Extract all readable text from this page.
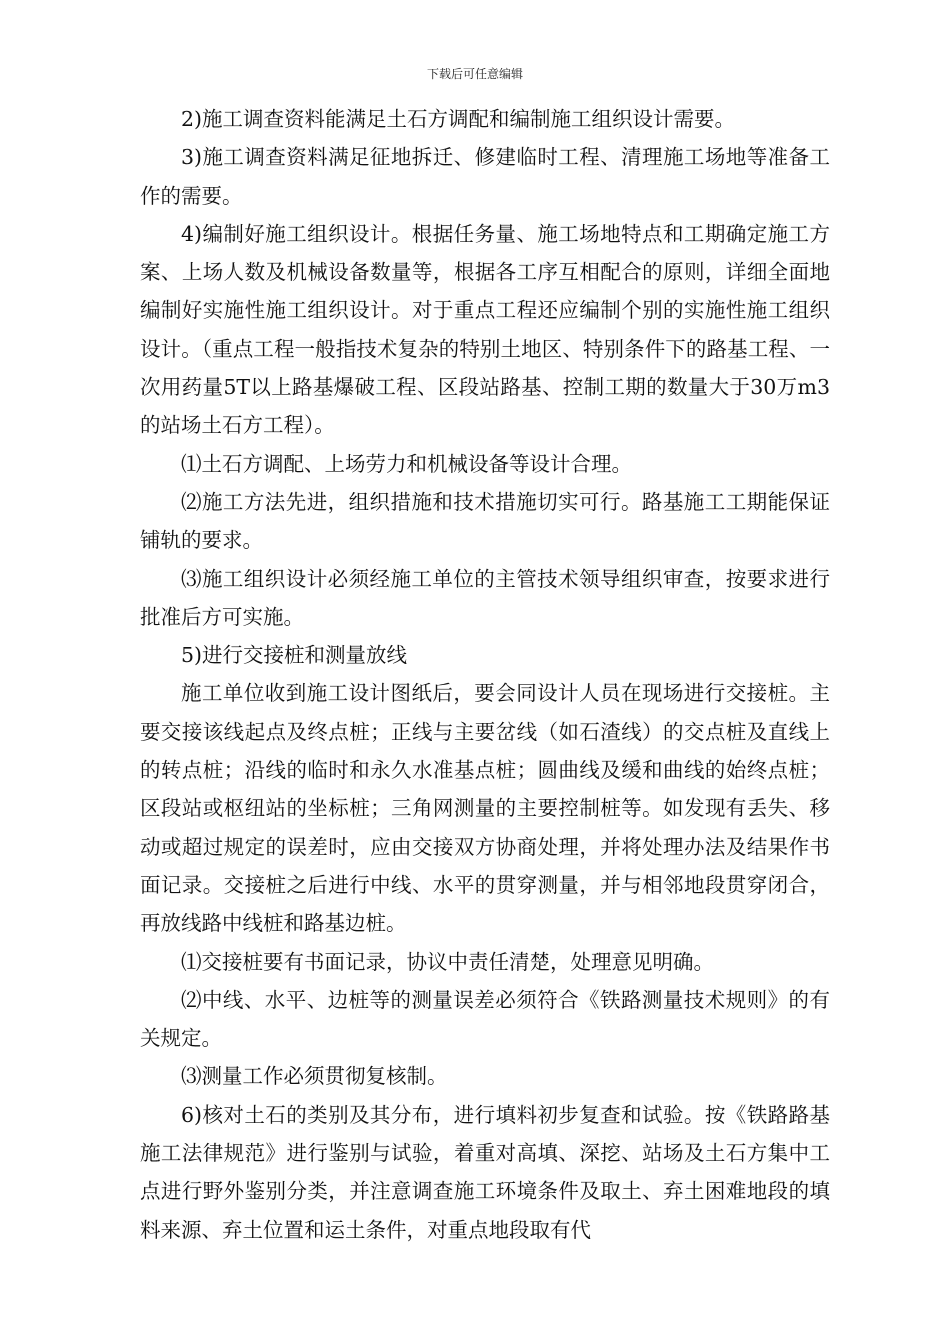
下载后可任意编辑

2)施工调查资料能满足土石方调配和编制施工组织设计需要。

3)施工调查资料满足征地拆迁、修建临时工程、清理施工场地等准备工作的需要。

4)编制好施工组织设计。根据任务量、施工场地特点和工期确定施工方案、上场人数及机械设备数量等，根据各工序互相配合的原则，详细全面地编制好实施性施工组织设计。对于重点工程还应编制个别的实施性施工组织设计。（重点工程一般指技术复杂的特别土地区、特别条件下的路基工程、一次用药量5T以上路基爆破工程、区段站路基、控制工期的数量大于30万m3的站场土石方工程）。

⑴土石方调配、上场劳力和机械设备等设计合理。

⑵施工方法先进，组织措施和技术措施切实可行。路基施工工期能保证铺轨的要求。

⑶施工组织设计必须经施工单位的主管技术领导组织审查，按要求进行批准后方可实施。

5)进行交接桩和测量放线

施工单位收到施工设计图纸后，要会同设计人员在现场进行交接桩。主要交接该线起点及终点桩；正线与主要岔线（如石渣线）的交点桩及直线上的转点桩；沿线的临时和永久水准基点桩；圆曲线及缓和曲线的始终点桩；区段站或枢纽站的坐标桩；三角网测量的主要控制桩等。如发现有丢失、移动或超过规定的误差时，应由交接双方协商处理，并将处理办法及结果作书面记录。交接桩之后进行中线、水平的贯穿测量，并与相邻地段贯穿闭合，再放线路中线桩和路基边桩。

⑴交接桩要有书面记录，协议中责任清楚，处理意见明确。

⑵中线、水平、边桩等的测量误差必须符合《铁路测量技术规则》的有关规定。

⑶测量工作必须贯彻复核制。

6)核对土石的类别及其分布，进行填料初步复查和试验。按《铁路路基施工法律规范》进行鉴别与试验，着重对高填、深挖、站场及土石方集中工点进行野外鉴别分类，并注意调查施工环境条件及取土、弃土困难地段的填料来源、弃土位置和运土条件，对重点地段取有代
